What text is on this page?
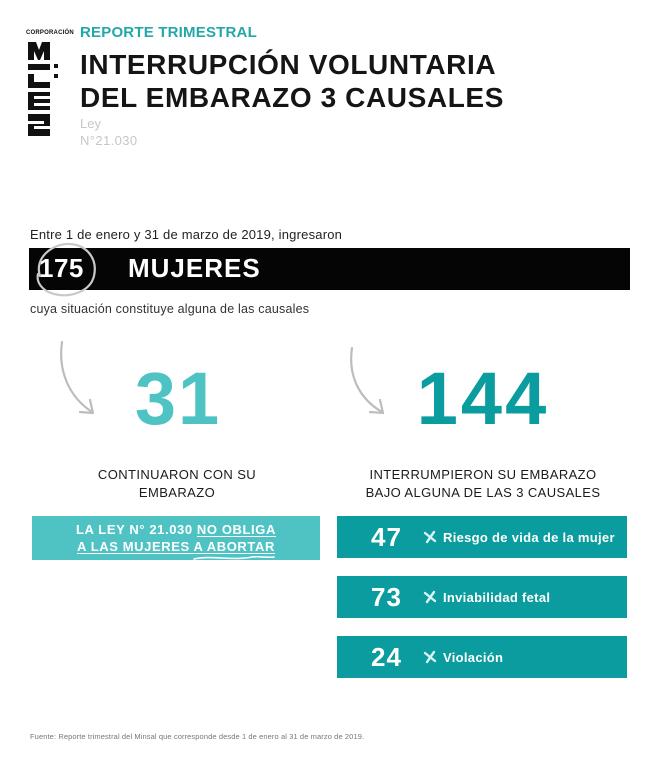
CORPORACIÓN REPORTE TRIMESTRAL
INTERRUPCIÓN VOLUNTARIA
DEL EMBARAZO 3 CAUSALES
Ley
N°21.030
Entre 1 de enero y 31 de marzo de 2019, ingresaron
175 MUJERES
cuya situación constituye alguna de las causales
31	144
CONTINUARON CON SU
EMBARAZO
INTERRUMPIERON SU EMBARAZO
BAJO ALGUNA DE LAS 3 CAUSALES
LA LEY N° 21.030 NO OBLIGA
A LAS MUJERES A ABORTAR	47	Riesgo de vida de la mujer
73	Inviabilidad fetal
24	Violación
Fuente: Reporte trimestral del Minsal que corresponde desde 1 de enero al 31 de marzo de 2019.
